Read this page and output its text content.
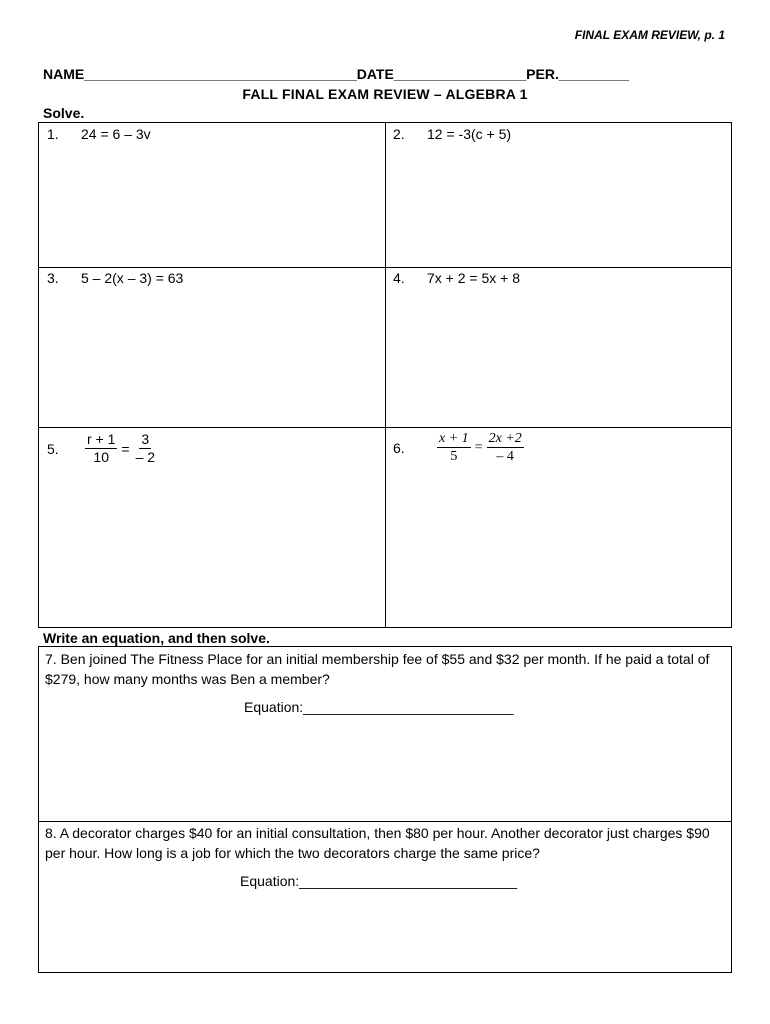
FINAL EXAM REVIEW, p. 1
NAME___________________________________DATE_________________PER._________
FALL FINAL EXAM REVIEW – ALGEBRA 1
Solve.
1. 24 = 6 – 3v	2. 12 = -3(c + 5)
3. 5 – 2(x – 3) = 63	4. 7x + 2 = 5x + 8
5.	$\frac{r + 1}{10} = \frac{3}{- 2}$	6.	$\frac{x + 1}{5} = \frac{2x +2}{- 4}$
Write an equation, and then solve.
7. Ben joined The Fitness Place for an initial membership fee of $55 and $32 per month. If he paid a total of $279, how many months was Ben a member?
Equation:___________________________
8. A decorator charges $40 for an initial consultation, then $80 per hour. Another decorator just charges $90 per hour. How long is a job for which the two decorators charge the same price?
Equation:____________________________
